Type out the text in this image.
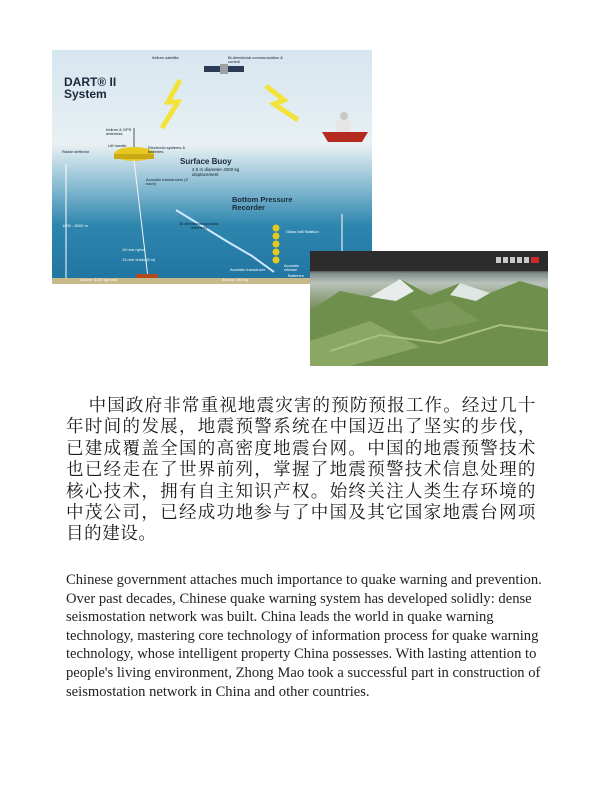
DART® II
System
Iridium satellite	Bi-directional communication & control
Iridium & GPS antennas
Lift handle
Radar deflector
Electronic systems & batteries
Surface Buoy
2.5 m diameter 4000 kg displacement
Acoustic transducers (2 each)
Bottom Pressure Recorder
Bi-directional acoustic telemetry
1000 - 6000 m
Glass ball flotation
19 mm nylon
13 mm chain (5 m)
Acoustic release
Batteries
Acoustic transducer
Anchor 340 kg
Anchor 3100 kg total
中国政府非常重视地震灾害的预防预报工作。经过几十年时间的发展，地震预警系统在中国迈出了坚实的步伐，已建成覆盖全国的高密度地震台网。中国的地震预警技术也已经走在了世界前列，掌握了地震预警技术信息处理的核心技术，拥有自主知识产权。始终关注人类生存环境的中茂公司，已经成功地参与了中国及其它国家地震台网项目的建设。
Chinese government attaches much importance to quake warning and prevention. Over past decades, Chinese quake warning system has developed solidly: dense seismostation network was built. China leads the world in quake warning technology, mastering core technology of information process for quake warning technology, whose intelligent property China possesses. With lasting attention to people's living environment, Zhong Mao took a successful part in construction of seismostation network in China and other countries.
